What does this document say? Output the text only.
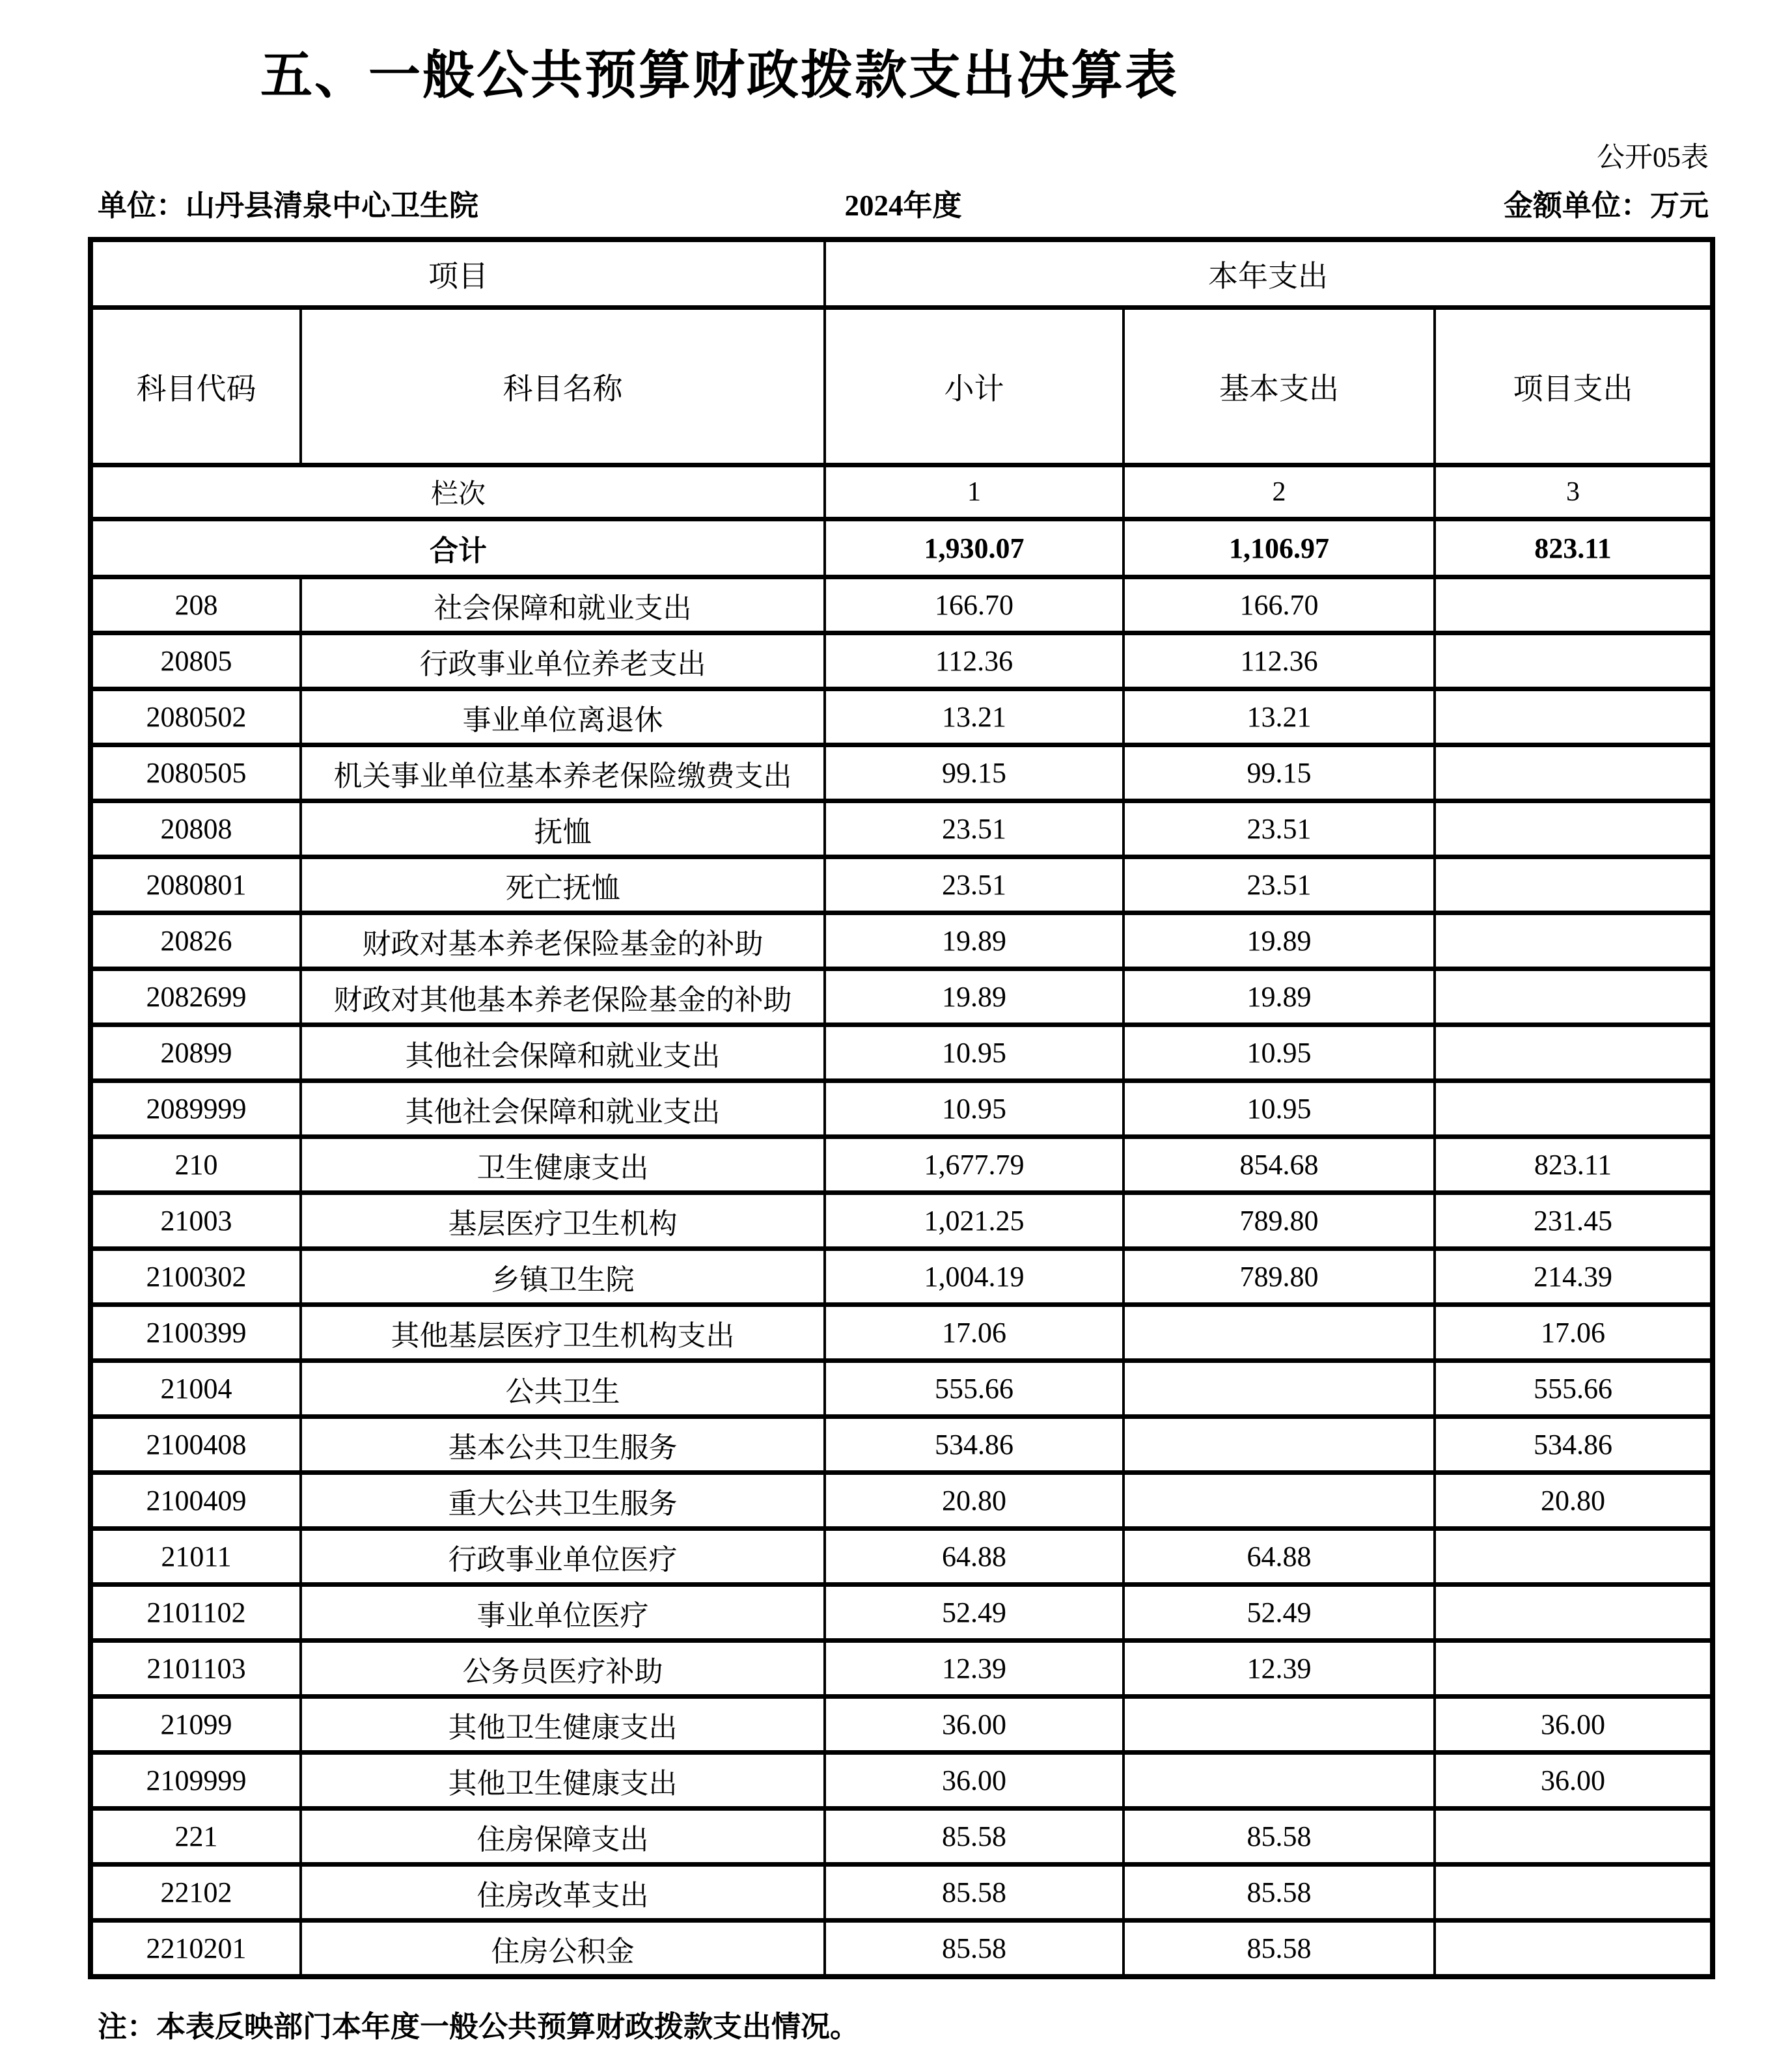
五、一般公共预算财政拨款支出决算表
公开05表
单位：山丹县清泉中心卫生院	2024年度	金额单位：万元
项目		本年支出		
科目代码	科目名称	小计	基本支出	项目支出
栏次		1	2	3
合计		1,930.07	1,106.97	823.11
208	社会保障和就业支出	166.70	166.70	
20805	行政事业单位养老支出	112.36	112.36	
2080502	事业单位离退休	13.21	13.21	
2080505	机关事业单位基本养老保险缴费支出	99.15	99.15	
20808	抚恤	23.51	23.51	
2080801	死亡抚恤	23.51	23.51	
20826	财政对基本养老保险基金的补助	19.89	19.89	
2082699	财政对其他基本养老保险基金的补助	19.89	19.89	
20899	其他社会保障和就业支出	10.95	10.95	
2089999	其他社会保障和就业支出	10.95	10.95	
210	卫生健康支出	1,677.79	854.68	823.11
21003	基层医疗卫生机构	1,021.25	789.80	231.45
2100302	乡镇卫生院	1,004.19	789.80	214.39
2100399	其他基层医疗卫生机构支出	17.06		17.06
21004	公共卫生	555.66		555.66
2100408	基本公共卫生服务	534.86		534.86
2100409	重大公共卫生服务	20.80		20.80
21011	行政事业单位医疗	64.88	64.88	
2101102	事业单位医疗	52.49	52.49	
2101103	公务员医疗补助	12.39	12.39	
21099	其他卫生健康支出	36.00		36.00
2109999	其他卫生健康支出	36.00		36.00
221	住房保障支出	85.58	85.58	
22102	住房改革支出	85.58	85.58	
2210201	住房公积金	85.58	85.58	
注：本表反映部门本年度一般公共预算财政拨款支出情况。
